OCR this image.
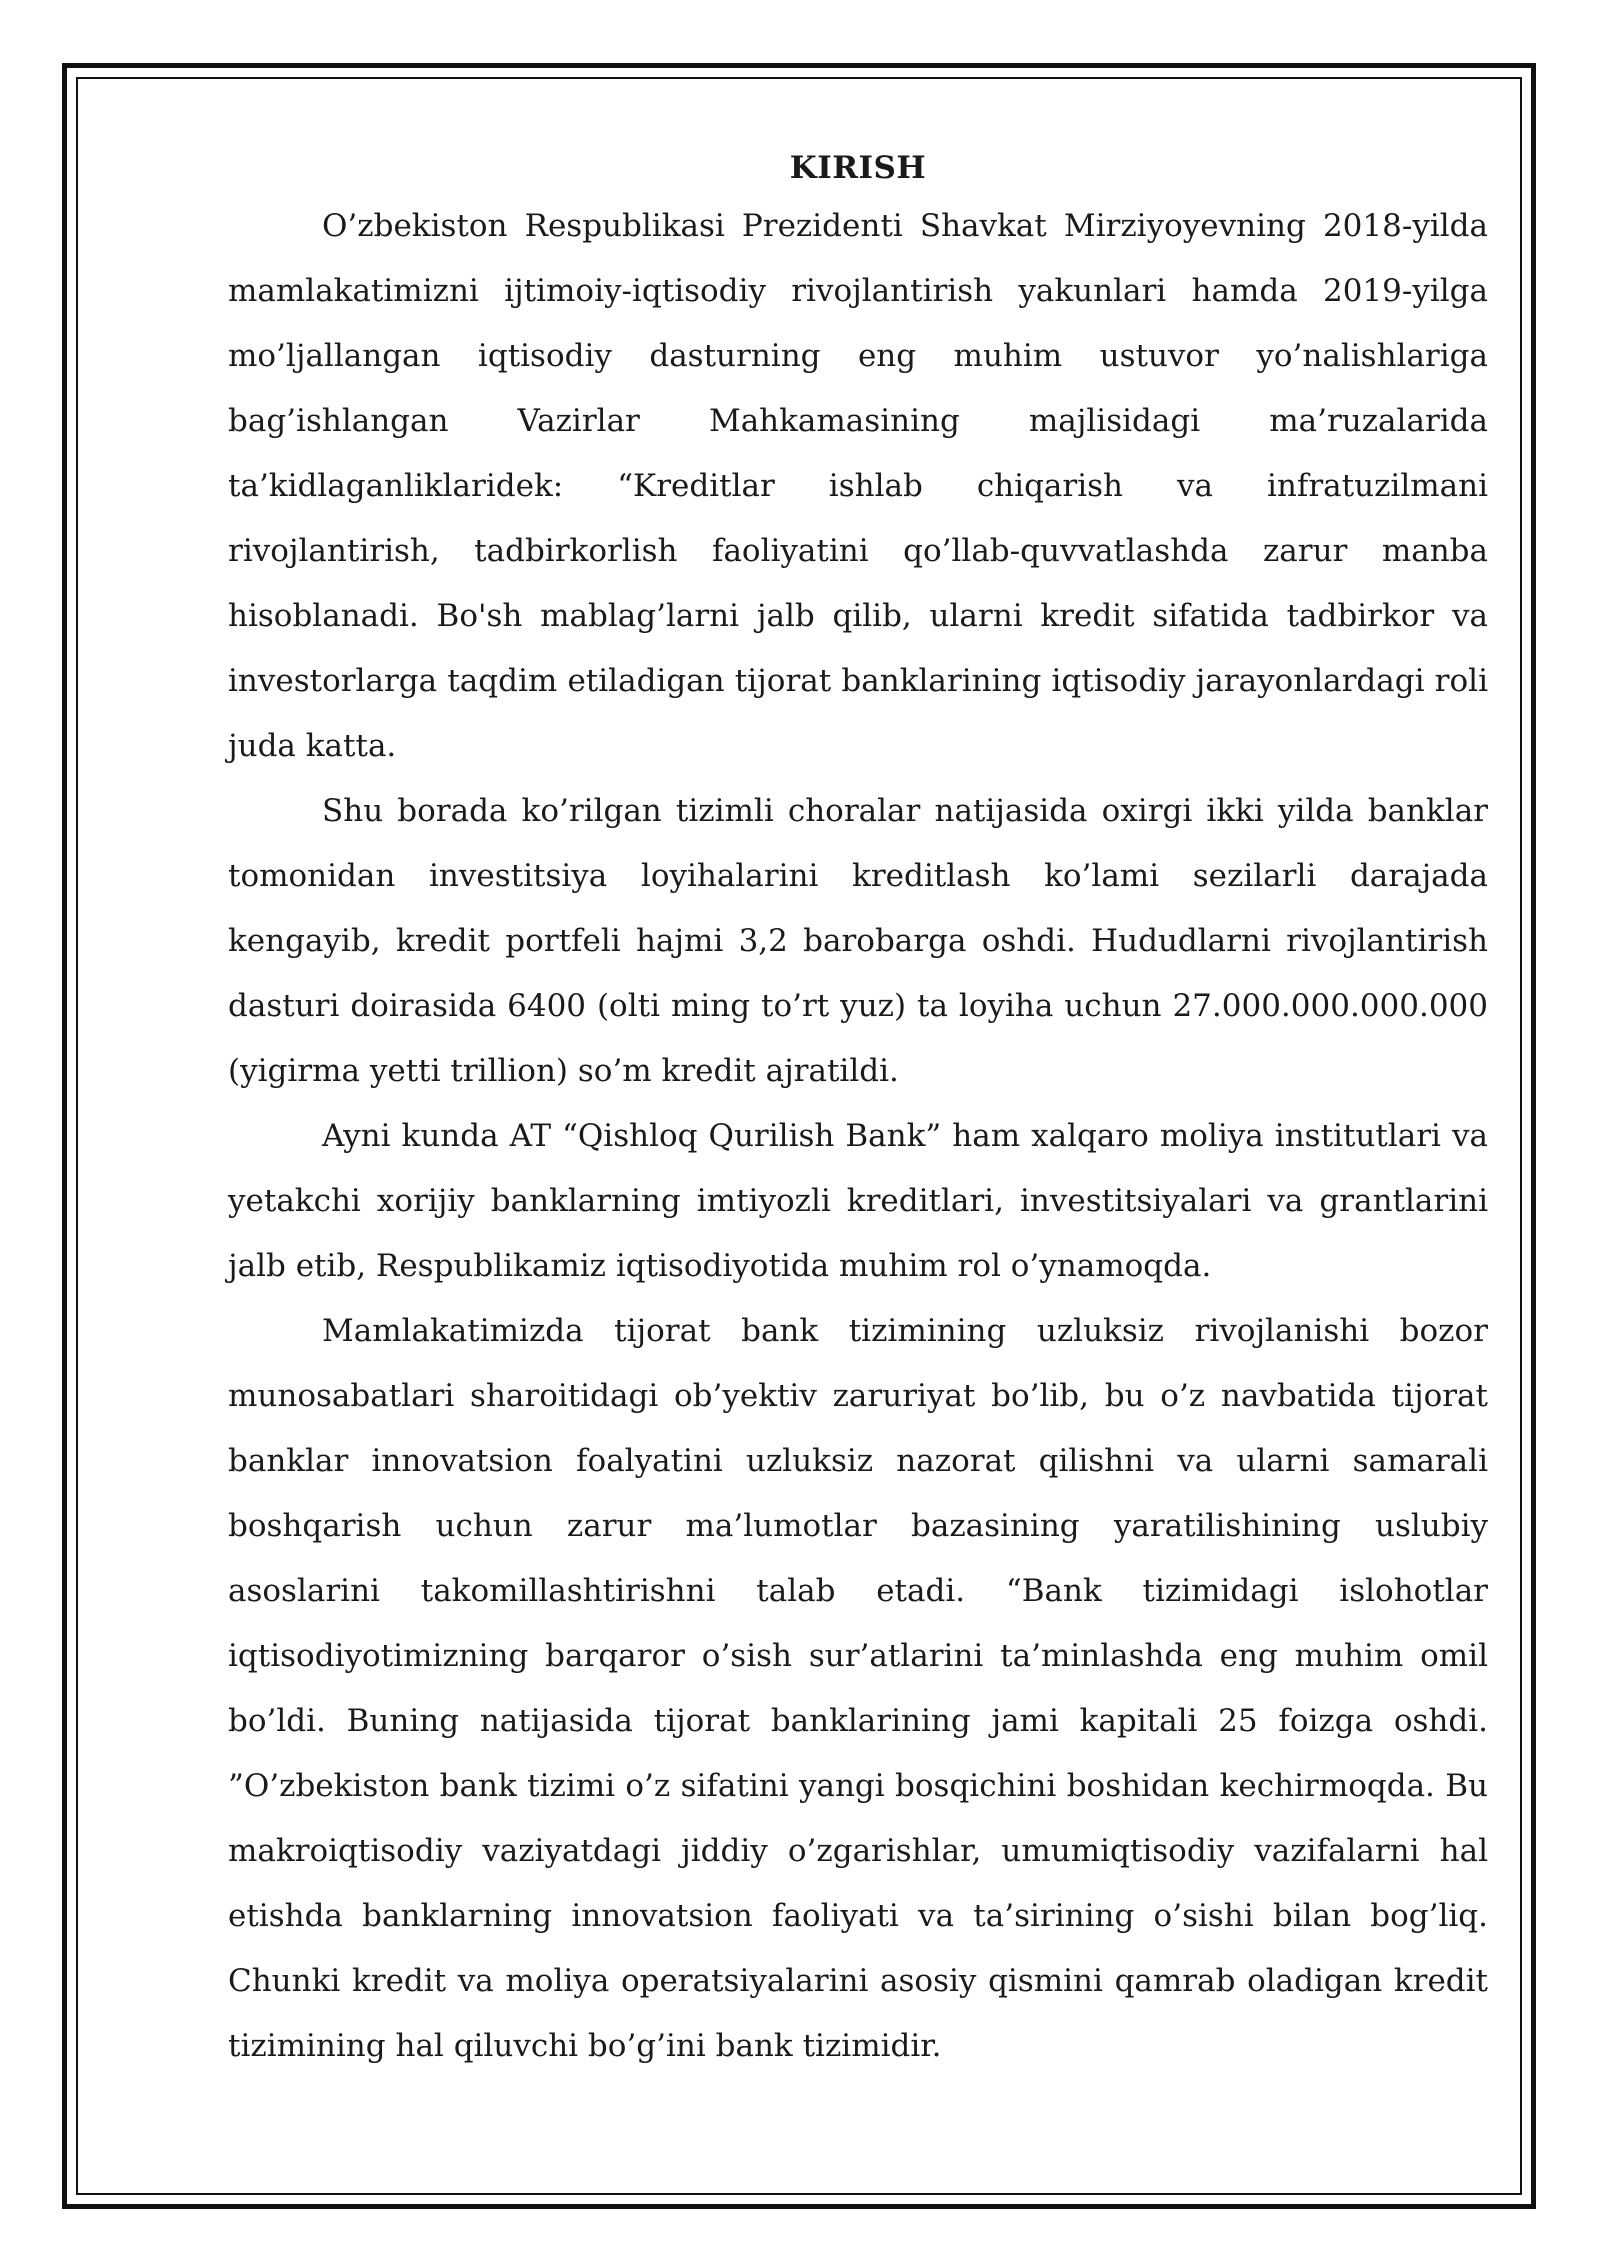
KIRISH

O’zbekiston Respublikasi Prezidenti Shavkat Mirziyoyevning 2018-yilda mamlakatimizni ijtimoiy-iqtisodiy rivojlantirish yakunlari hamda 2019-yilga mo’ljallangan iqtisodiy dasturning eng muhim ustuvor yo’nalishlariga bag’ishlangan Vazirlar Mahkamasining majlisidagi ma’ruzalarida ta’kidlaganliklaridek: “Kreditlar ishlab chiqarish va infratuzilmani rivojlantirish, tadbirkorlish faoliyatini qo’llab-quvvatlashda zarur manba hisoblanadi. Bo'sh mablag’larni jalb qilib, ularni kredit sifatida tadbirkor va investorlarga taqdim etiladigan tijorat banklarining iqtisodiy jarayonlardagi roli juda katta.

Shu borada ko’rilgan tizimli choralar natijasida oxirgi ikki yilda banklar tomonidan investitsiya loyihalarini kreditlash ko’lami sezilarli darajada kengayib, kredit portfeli hajmi 3,2 barobarga oshdi. Hududlarni rivojlantirish dasturi doirasida 6400 (olti ming to’rt yuz) ta loyiha uchun 27.000.000.000.000 (yigirma yetti trillion) so’m kredit ajratildi.

Ayni kunda AT “Qishloq Qurilish Bank” ham xalqaro moliya institutlari va yetakchi xorijiy banklarning imtiyozli kreditlari, investitsiyalari va grantlarini jalb etib, Respublikamiz iqtisodiyotida muhim rol o’ynamoqda.

Mamlakatimizda tijorat bank tizimining uzluksiz rivojlanishi bozor munosabatlari sharoitidagi ob’yektiv zaruriyat bo’lib, bu o’z navbatida tijorat banklar innovatsion foalyatini uzluksiz nazorat qilishni va ularni samarali boshqarish uchun zarur ma’lumotlar bazasining yaratilishining uslubiy asoslarini takomillashtirishni talab etadi. “Bank tizimidagi islohotlar iqtisodiyotimizning barqaror o’sish sur’atlarini ta’minlashda eng muhim omil bo’ldi. Buning natijasida tijorat banklarining jami kapitali 25 foizga oshdi. ”O’zbekiston bank tizimi o’z sifatini yangi bosqichini boshidan kechirmoqda. Bu makroiqtisodiy vaziyatdagi jiddiy o’zgarishlar, umumiqtisodiy vazifalarni hal etishda banklarning innovatsion faoliyati va ta’sirining o’sishi bilan bog’liq. Chunki kredit va moliya operatsiyalarini asosiy qismini qamrab oladigan kredit tizimining hal qiluvchi bo’g’ini bank tizimidir.
